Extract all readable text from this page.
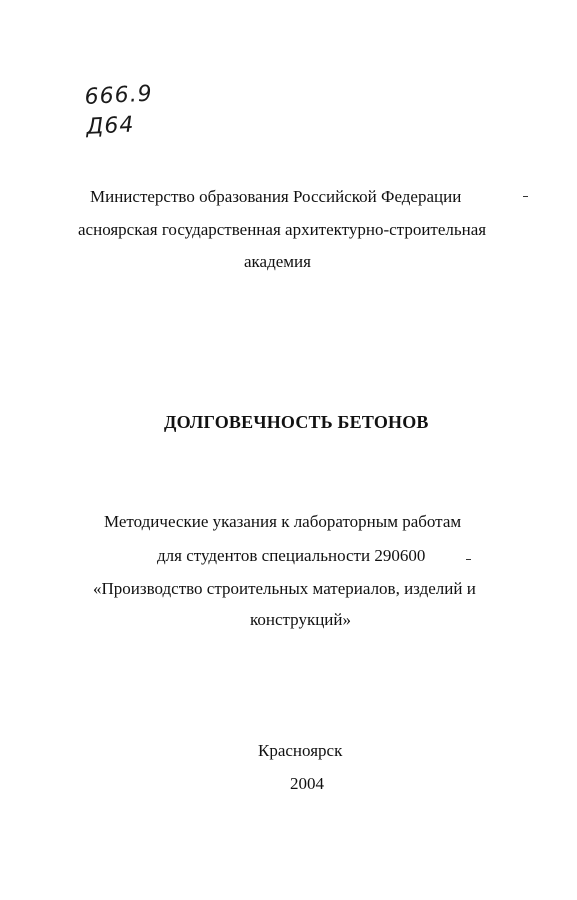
666.9
Д64
Министерство образования Российской Федерации
асноярская государственная архитектурно-строительная
академия
ДОЛГОВЕЧНОСТЬ БЕТОНОВ
Методические указания к лабораторным работам
для студентов специальности 290600
«Производство строительных материалов, изделий и
конструкций»
Красноярск
2004
